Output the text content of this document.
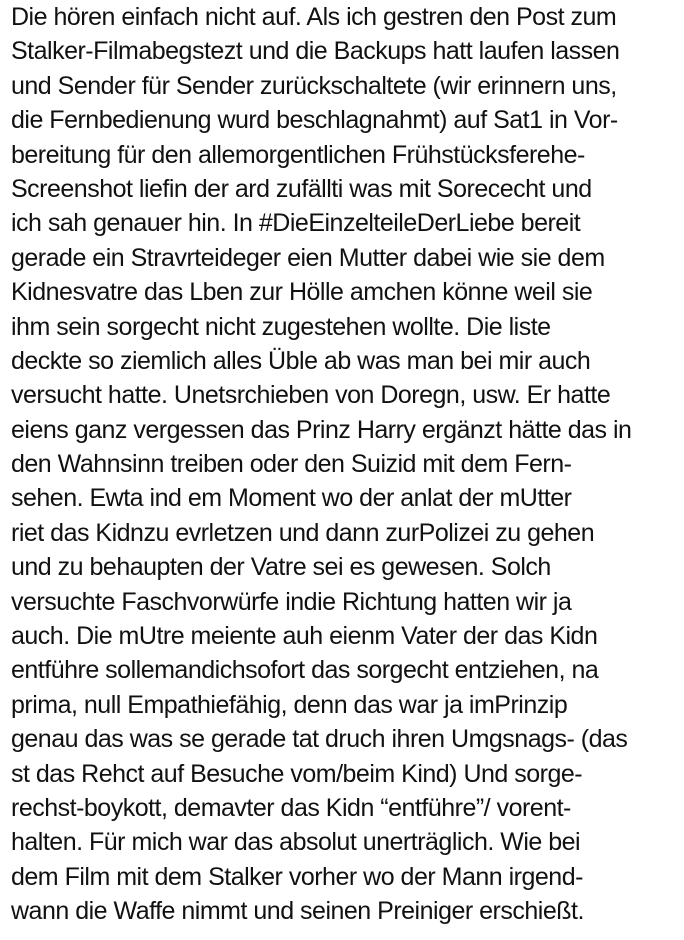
Die hören einfach nicht auf. Als ich gestren den Post zum
Stalker-Filmabegstezt und die Backups hatt laufen lassen
und Sender für Sender zurückschaltete (wir erinnern uns,
die Fernbedienung wurd beschlagnahmt) auf Sat1 in Vor-
bereitung für den allemorgentlichen Frühstücksferehe-
Screenshot liefin der ard zufällti was mit Sorececht und
ich sah genauer hin. In #DieEinzelteileDerLiebe bereit
gerade ein Stravrteideger eien Mutter dabei wie sie dem
Kidnesvatre das Lben zur Hölle amchen könne weil sie
ihm sein sorgecht nicht zugestehen wollte. Die liste
deckte so ziemlich alles Üble ab was man bei mir auch
versucht hatte. Unetsrchieben von Doregn, usw. Er hatte
eiens ganz vergessen das Prinz Harry ergänzt hätte das in
den Wahnsinn treiben oder den Suizid mit dem Fern-
sehen. Ewta ind em Moment wo der anlat der mUtter
riet das Kidnzu evrletzen und dann zurPolizei zu gehen
und zu behaupten der Vatre sei es gewesen. Solch
versuchte Faschvorwürfe indie Richtung hatten wir ja
auch. Die mUtre meiente auh eienm Vater der das Kidn
entführe sollemandichsofort das sorgecht entziehen, na
prima, null Empathiefähig, denn das war ja imPrinzip
genau das was se gerade tat druch ihren Umgsnags- (das
st das Rehct auf Besuche vom/beim Kind) Und sorge-
rechst-boykott, demavter das Kidn “entführe”/ vorent-
halten. Für mich war das absolut unerträglich. Wie bei
dem Film mit dem Stalker vorher wo der Mann irgend-
wann die Waffe nimmt und seinen Preiniger erschießt.
